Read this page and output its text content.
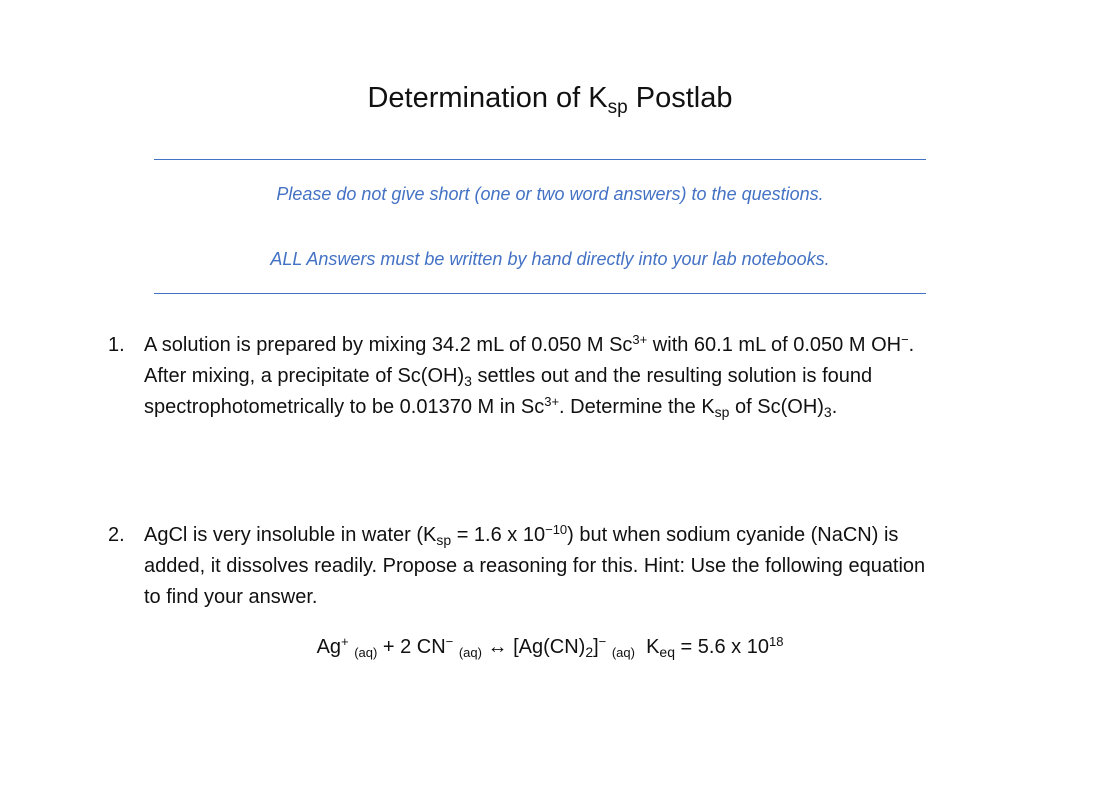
Determination of $K_{sp}$ Postlab
Please do not give short (one or two word answers) to the questions.
ALL Answers must be written by hand directly into your lab notebooks.
1. A solution is prepared by mixing 34.2 mL of 0.050 M $Sc^{3+}$ with 60.1 mL of 0.050 M OH−.
After mixing, a precipitate of $Sc(OH)_3$ settles out and the resulting solution is found
spectrophotometrically to be 0.01370 M in $Sc^{3+}$. Determine the $K_{sp}$ of $Sc(OH)_3$.
2. AgCl is very insoluble in water ($K_{sp} = 1.6$ x $10^{-10}$) but when sodium cyanide (NaCN) is
added, it dissolves readily. Propose a reasoning for this. Hint: Use the following equation
to find your answer.
Ag+ $_{(aq)}$ + 2 CN− $_{(aq)}$ ↔ $[Ag(CN)_2]^-$ $_{(aq)}$ $K_{eq} = 5.6$ x $10^{18}$
